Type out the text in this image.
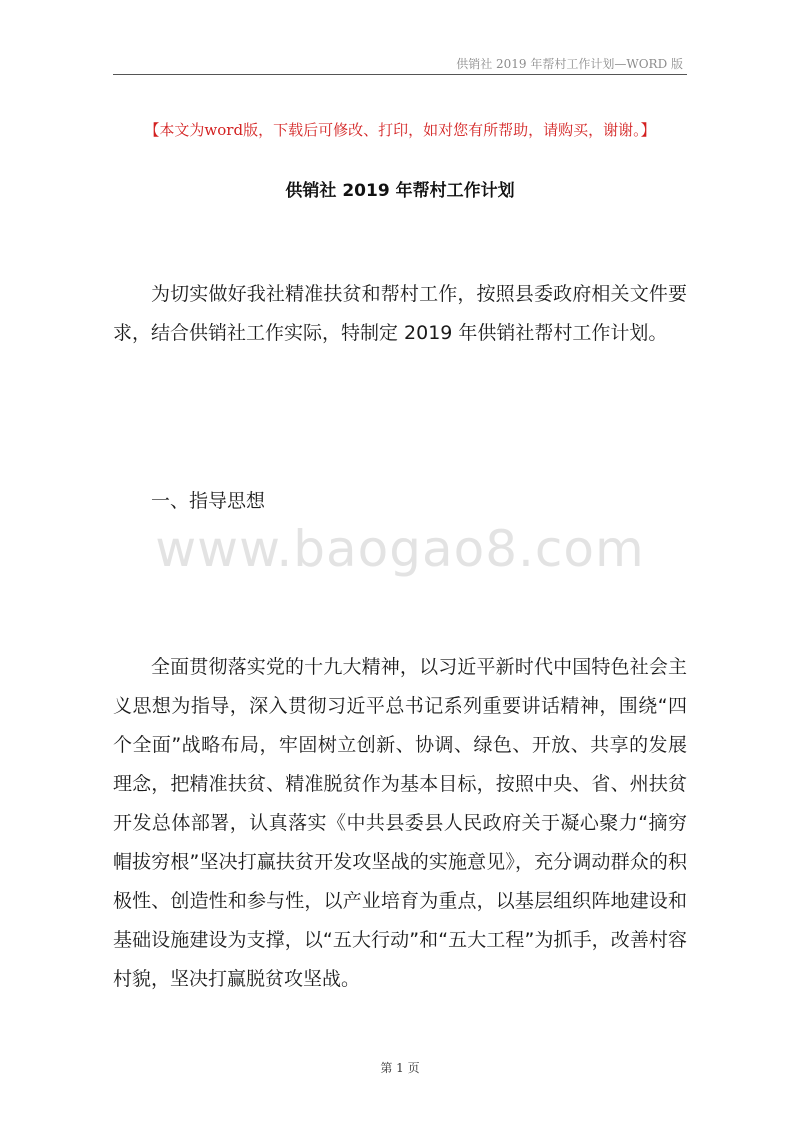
供销社 2019 年帮村工作计划—WORD 版
【本文为word版，下载后可修改、打印，如对您有所帮助，请购买，谢谢。】
供销社 2019 年帮村工作计划

为切实做好我社精准扶贫和帮村工作，按照县委政府相关文件要求，结合供销社工作实际，特制定 2019 年供销社帮村工作计划。

一、指导思想
www.baogao8.com

全面贯彻落实党的十九大精神，以习近平新时代中国特色社会主义思想为指导，深入贯彻习近平总书记系列重要讲话精神，围绕“四个全面”战略布局，牢固树立创新、协调、绿色、开放、共享的发展理念，把精准扶贫、精准脱贫作为基本目标，按照中央、省、州扶贫开发总体部署，认真落实《中共县委县人民政府关于凝心聚力“摘穷帽拔穷根”坚决打赢扶贫开发攻坚战的实施意见》，充分调动群众的积极性、创造性和参与性，以产业培育为重点，以基层组织阵地建设和基础设施建设为支撑，以“五大行动”和“五大工程”为抓手，改善村容村貌，坚决打赢脱贫攻坚战。

第 1 页
